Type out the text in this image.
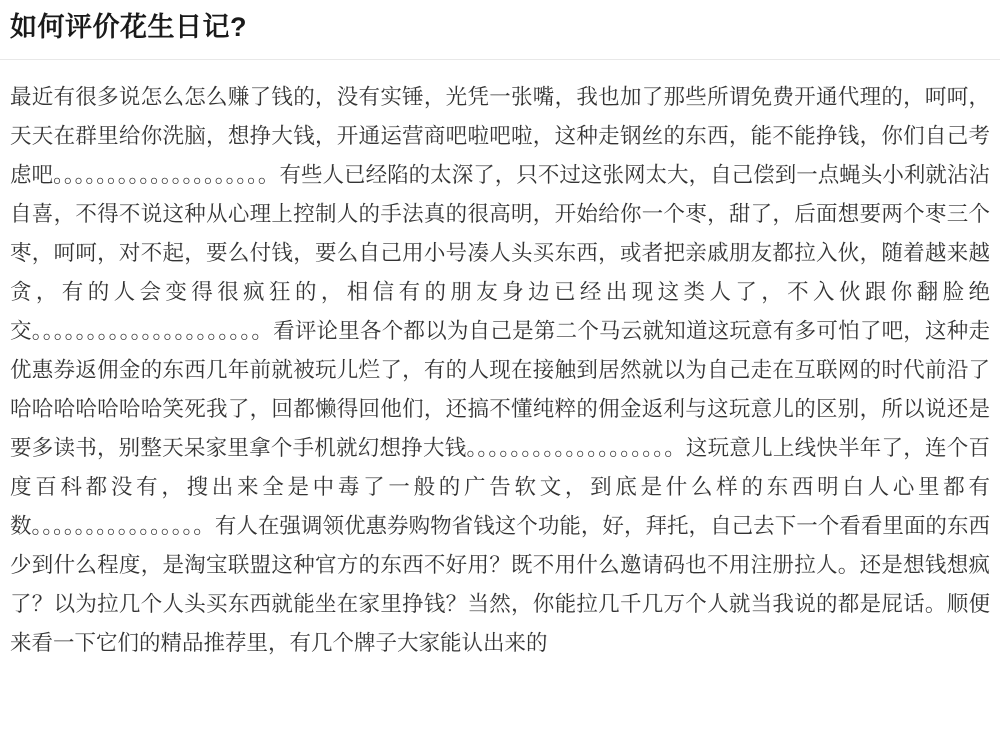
如何评价花生日记?

最近有很多说怎么怎么赚了钱的，没有实锤，光凭一张嘴，我也加了那些所谓免费开通代理的，呵呵，天天在群里给你洗脑，想挣大钱，开通运营商吧啦吧啦，这种走钢丝的东西，能不能挣钱，你们自己考虑吧。。。。。。。。。。。。。。。。。。。。有些人已经陷的太深了，只不过这张网太大，自己偿到一点蝇头小利就沾沾自喜，不得不说这种从心理上控制人的手法真的很高明，开始给你一个枣，甜了，后面想要两个枣三个枣，呵呵，对不起，要么付钱，要么自己用小号凑人头买东西，或者把亲戚朋友都拉入伙，随着越来越贪，有的人会变得很疯狂的，相信有的朋友身边已经出现这类人了，不入伙跟你翻脸绝交。。。。。。。。。。。。。。。。。。。。。看评论里各个都以为自己是第二个马云就知道这玩意有多可怕了吧，这种走优惠券返佣金的东西几年前就被玩儿烂了，有的人现在接触到居然就以为自己走在互联网的时代前沿了哈哈哈哈哈哈哈笑死我了，回都懒得回他们，还搞不懂纯粹的佣金返利与这玩意儿的区别，所以说还是要多读书，别整天呆家里拿个手机就幻想挣大钱。。。。。。。。。。。。。。。。。。。这玩意儿上线快半年了，连个百度百科都没有，搜出来全是中毒了一般的广告软文，到底是什么样的东西明白人心里都有数。。。。。。。。。。。。。。。。有人在强调领优惠券购物省钱这个功能，好，拜托，自己去下一个看看里面的东西少到什么程度，是淘宝联盟这种官方的东西不好用？既不用什么邀请码也不用注册拉人。还是想钱想疯了？以为拉几个人头买东西就能坐在家里挣钱？当然，你能拉几千几万个人就当我说的都是屁话。顺便来看一下它们的精品推荐里，有几个牌子大家能认出来的
